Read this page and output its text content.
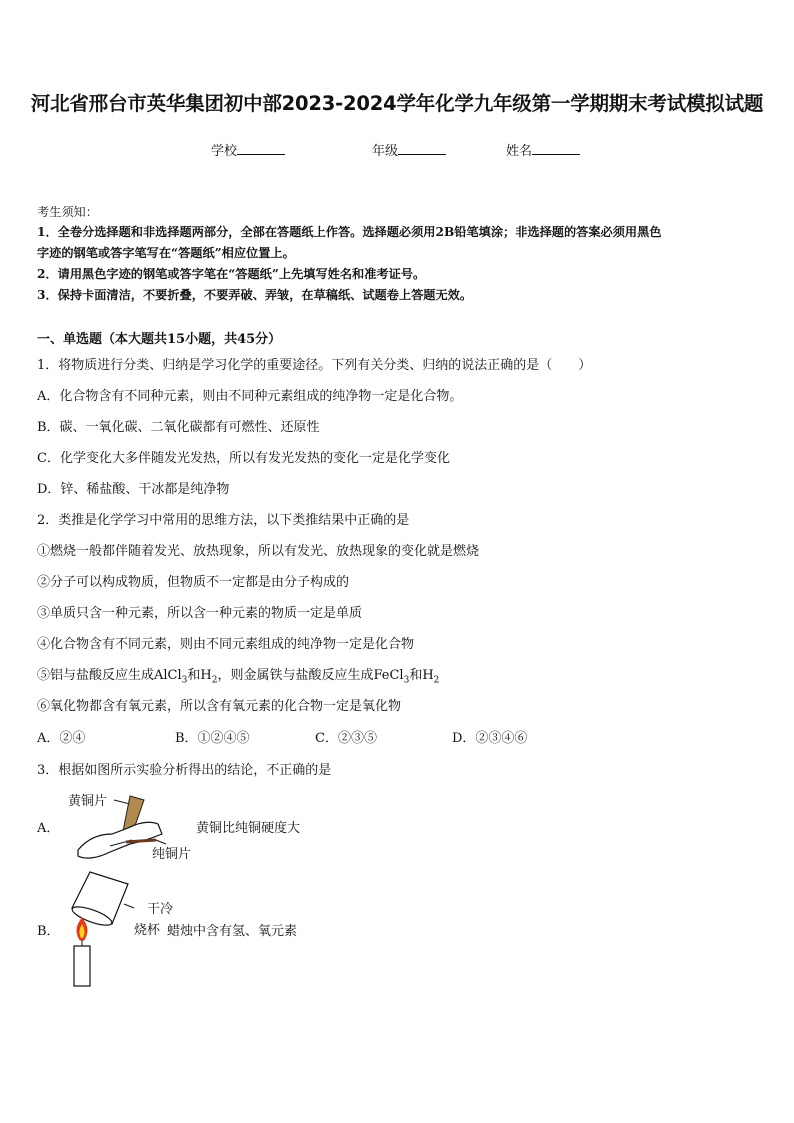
河北省邢台市英华集团初中部2023-2024学年化学九年级第一学期期末考试模拟试题
学校	年级	姓名
考生须知：
1．全卷分选择题和非选择题两部分，全部在答题纸上作答。选择题必须用2B铅笔填涂；非选择题的答案必须用黑色
字迹的钢笔或答字笔写在“答题纸”相应位置上。
2．请用黑色字迹的钢笔或答字笔在“答题纸”上先填写姓名和准考证号。
3．保持卡面清洁，不要折叠，不要弄破、弄皱，在草稿纸、试题卷上答题无效。
一、单选题（本大题共15小题，共45分）
1．将物质进行分类、归纳是学习化学的重要途径。下列有关分类、归纳的说法正确的是（　　）
A．化合物含有不同种元素，则由不同种元素组成的纯净物一定是化合物。
B．碳、一氧化碳、二氧化碳都有可燃性、还原性
C．化学变化大多伴随发光发热，所以有发光发热的变化一定是化学变化
D．锌、稀盐酸、干冰都是纯净物
2．类推是化学学习中常用的思维方法，以下类推结果中正确的是
①燃烧一般都伴随着发光、放热现象，所以有发光、放热现象的变化就是燃烧
②分子可以构成物质，但物质不一定都是由分子构成的
③单质只含一种元素，所以含一种元素的物质一定是单质
④化合物含有不同元素，则由不同元素组成的纯净物一定是化合物
⑤铝与盐酸反应生成AlCl$_3$和$H_2$，则金属铁与盐酸反应生成FeCl$_3$和$H_2$
⑥氧化物都含有氧元素，所以含有氧元素的化合物一定是氧化物
A．②④	B．①②④⑤	C．②③⑤	D．②③④⑥
3．根据如图所示实验分析得出的结论，不正确的是
A．
黄铜片
纯铜片
黄铜比纯铜硬度大
B．
干冷
烧杯 蜡烛中含有氢、氧元素
